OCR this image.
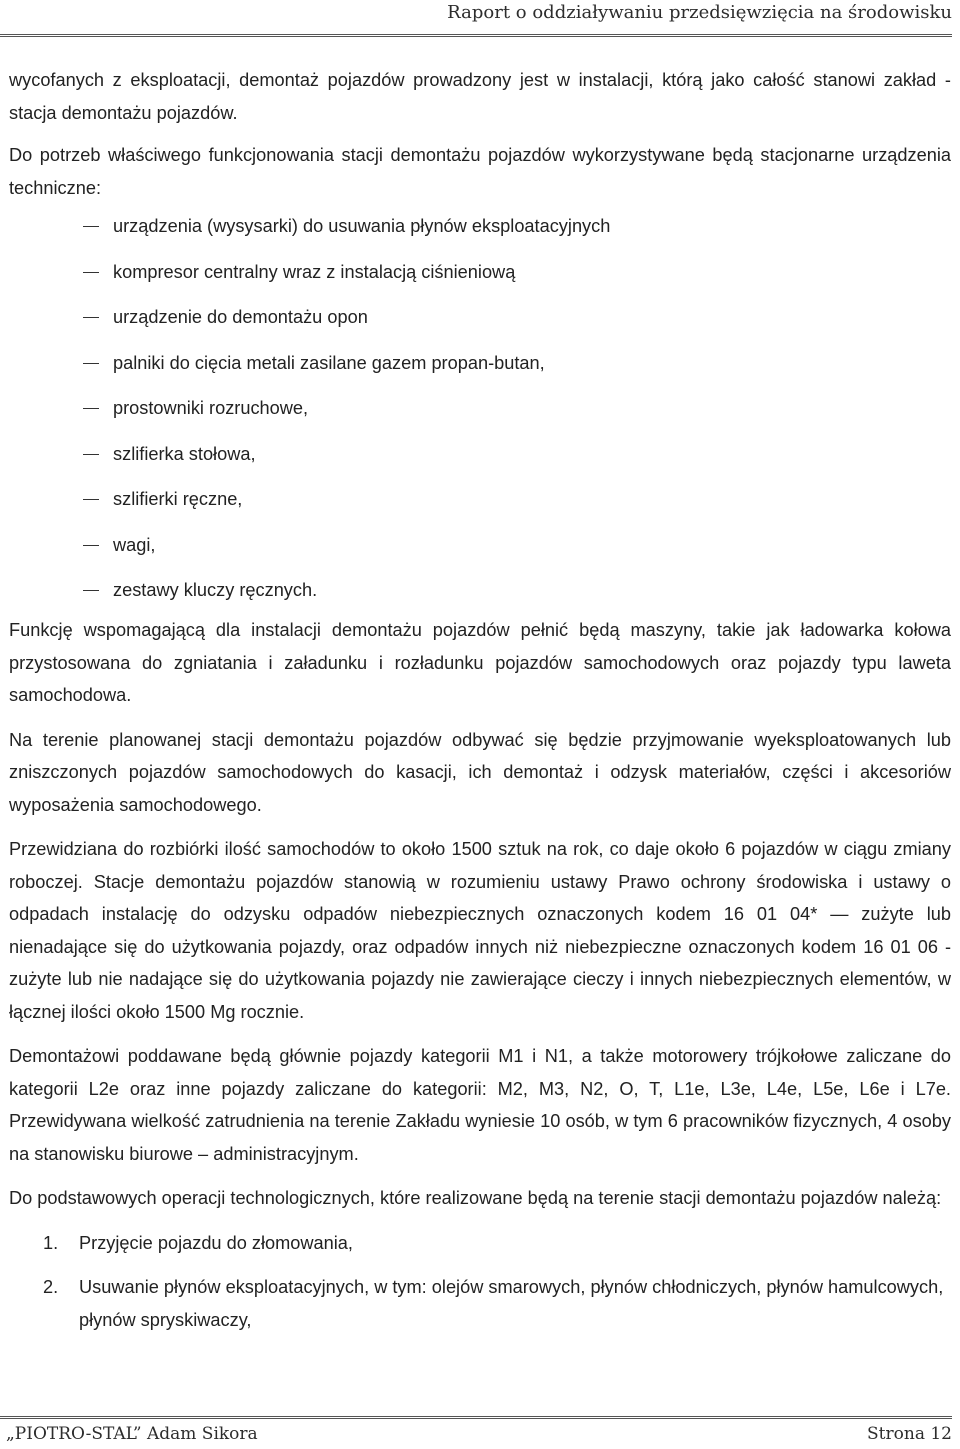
Raport o oddziaływaniu przedsięwzięcia na środowisku

wycofanych z eksploatacji, demontaż pojazdów prowadzony jest w instalacji, którą jako całość stanowi zakład - stacja demontażu pojazdów.

Do potrzeb właściwego funkcjonowania stacji demontażu pojazdów wykorzystywane będą stacjonarne urządzenia techniczne:

urządzenia (wysysarki) do usuwania płynów eksploatacyjnych
kompresor centralny wraz z instalacją ciśnieniową
urządzenie do demontażu opon
palniki do cięcia metali zasilane gazem propan-butan,
prostowniki rozruchowe,
szlifierka stołowa,
szlifierki ręczne,
wagi,
zestawy kluczy ręcznych.

Funkcję wspomagającą dla instalacji demontażu pojazdów pełnić będą maszyny, takie jak ładowarka kołowa przystosowana do zgniatania i załadunku i rozładunku pojazdów samochodowych oraz pojazdy typu laweta samochodowa.

Na terenie planowanej stacji demontażu pojazdów odbywać się będzie przyjmowanie wyeksploatowanych lub zniszczonych pojazdów samochodowych do kasacji, ich demontaż i odzysk materiałów, części i akcesoriów wyposażenia samochodowego.

Przewidziana do rozbiórki ilość samochodów to około 1500 sztuk na rok, co daje około 6 pojazdów w ciągu zmiany roboczej. Stacje demontażu pojazdów stanowią w rozumieniu ustawy Prawo ochrony środowiska i ustawy o odpadach instalację do odzysku odpadów niebezpiecznych oznaczonych kodem 16 01 04* — zużyte lub nienadające się do użytkowania pojazdy, oraz odpadów innych niż niebezpieczne oznaczonych kodem 16 01 06 - zużyte lub nie nadające się do użytkowania pojazdy nie zawierające cieczy i innych niebezpiecznych elementów, w łącznej ilości około 1500 Mg rocznie.

Demontażowi poddawane będą głównie pojazdy kategorii M1 i N1, a także motorowery trójkołowe zaliczane do kategorii L2e oraz inne pojazdy zaliczane do kategorii: M2, M3, N2, O, T, L1e, L3e, L4e, L5e, L6e i L7e. Przewidywana wielkość zatrudnienia na terenie Zakładu wyniesie 10 osób, w tym 6 pracowników fizycznych, 4 osoby na stanowisku biurowe – administracyjnym.

Do podstawowych operacji technologicznych, które realizowane będą na terenie stacji demontażu pojazdów należą:

1. Przyjęcie pojazdu do złomowania,
2. Usuwanie płynów eksploatacyjnych, w tym: olejów smarowych, płynów chłodniczych, płynów hamulcowych, płynów spryskiwaczy,
„PIOTRO-STAL” Adam Sikora	Strona 12
